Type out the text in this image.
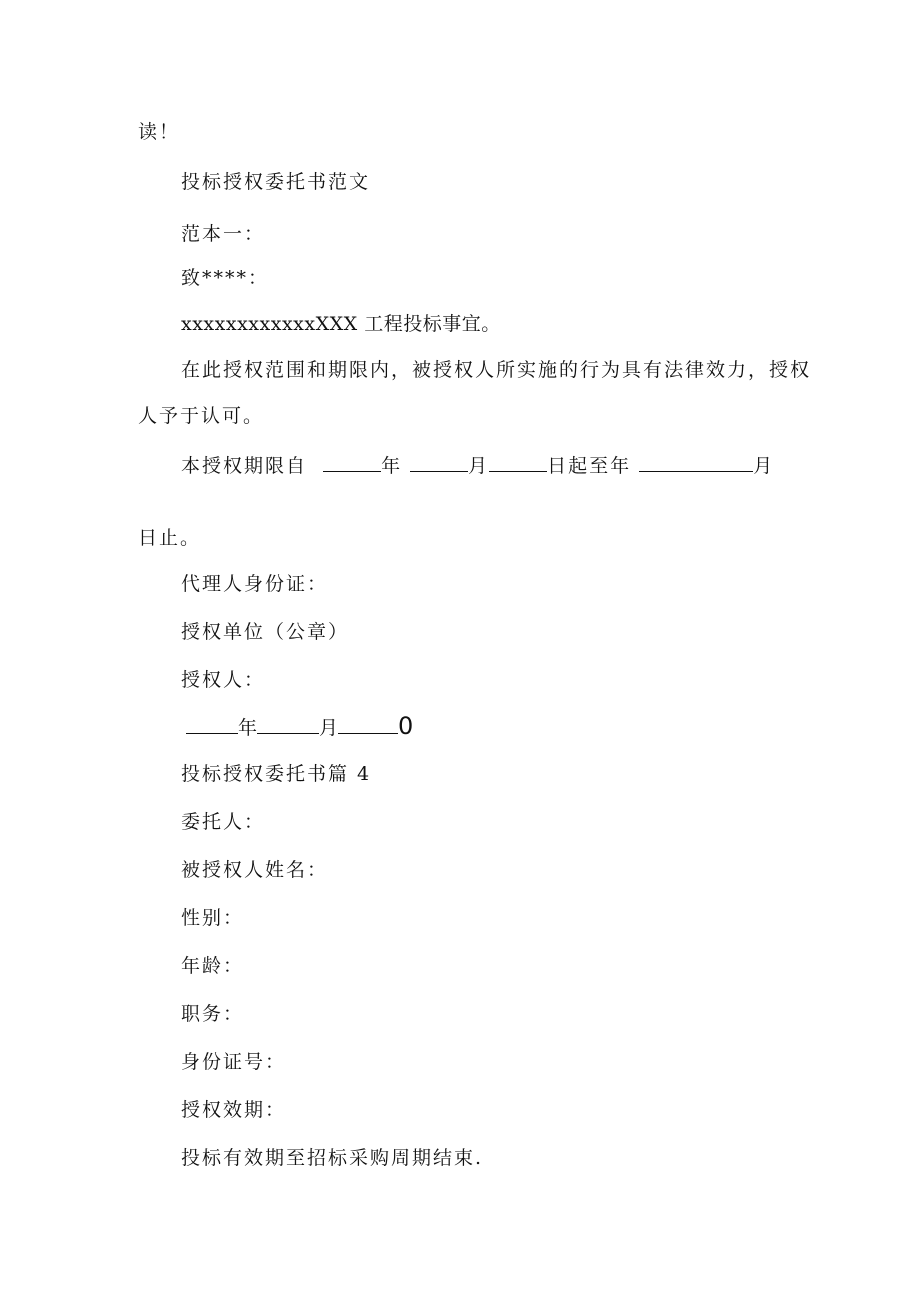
读！
投标授权委托书范文
范本一：
致****：
xxxxxxxxxxxxXXX 工程投标事宜。
在此授权范围和期限内，被授权人所实施的行为具有法律效力，授权
人予于认可。
本授权期限自	年	月	日起至年	月
日止。
代理人身份证：
授权单位（公章）
授权人：
年	月	0
投标授权委托书篇 4
委托人：
被授权人姓名：
性别：
年龄：
职务：
身份证号：
授权效期：
投标有效期至招标采购周期结束.
